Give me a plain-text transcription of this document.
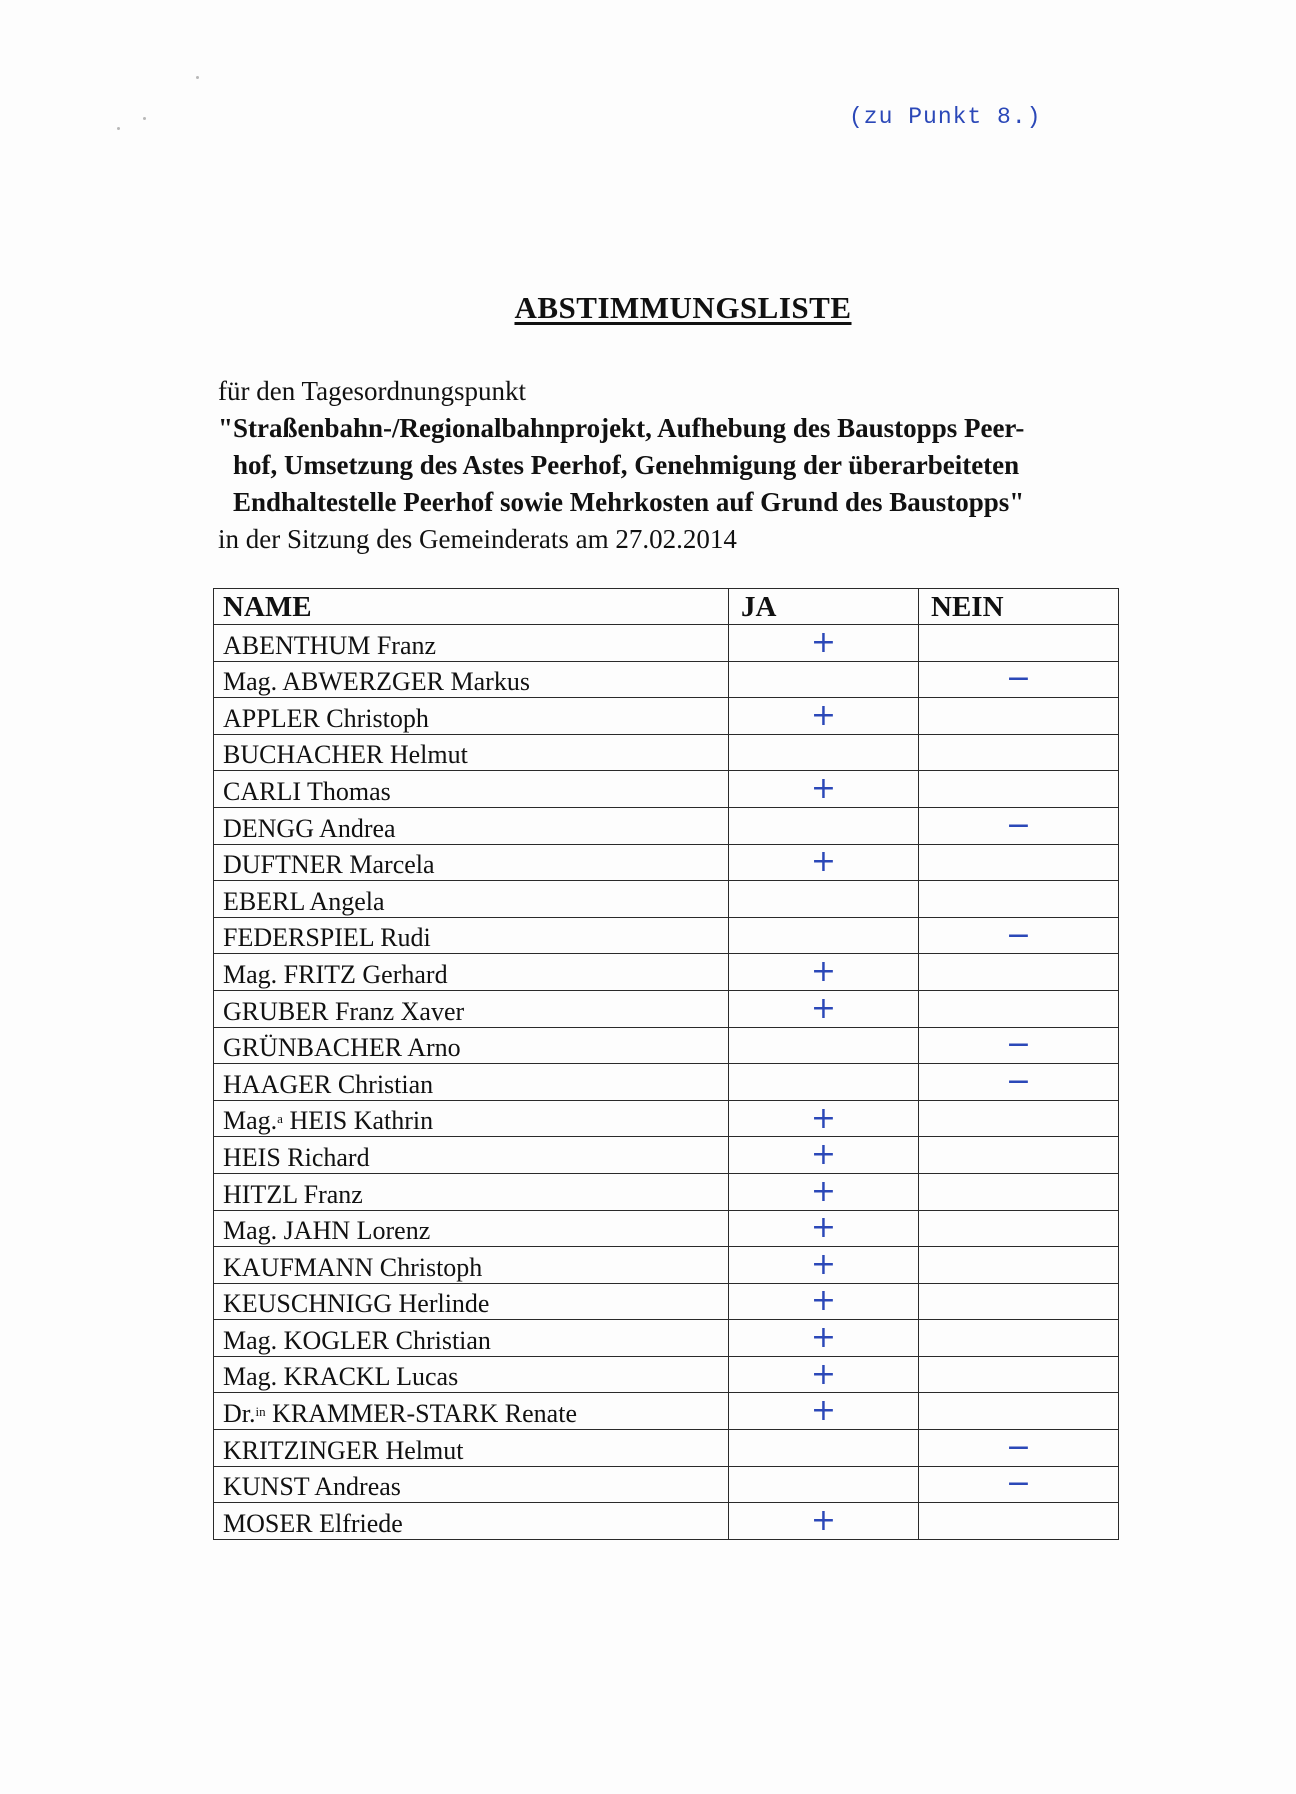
(zu Punkt 8.)
ABSTIMMUNGSLISTE
für den Tagesordnungspunkt
"Straßenbahn-/Regionalbahnprojekt, Aufhebung des Baustopps Peer-
hof, Umsetzung des Astes Peerhof, Genehmigung der überarbeiteten
Endhaltestelle Peerhof sowie Mehrkosten auf Grund des Baustopps"
in der Sitzung des Gemeinderats am 27.02.2014
NAME	JA	NEIN
ABENTHUM Franz	+	
Mag. ABWERZGER Markus		−
APPLER Christoph	+	
BUCHACHER Helmut		
CARLI Thomas	+	
DENGG Andrea		−
DUFTNER Marcela	+	
EBERL Angela		
FEDERSPIEL Rudi		−
Mag. FRITZ Gerhard	+	
GRUBER Franz Xaver	+	
GRÜNBACHER Arno		−
HAAGER Christian		−
Mag.$^a$ HEIS Kathrin	+	
HEIS Richard	+	
HITZL Franz	+	
Mag. JAHN Lorenz	+	
KAUFMANN Christoph	+	
KEUSCHNIGG Herlinde	+	
Mag. KOGLER Christian	+	
Mag. KRACKL Lucas	+	
Dr.$^{in}$ KRAMMER-STARK Renate	+	
KRITZINGER Helmut		−
KUNST Andreas		−
MOSER Elfriede	+	
